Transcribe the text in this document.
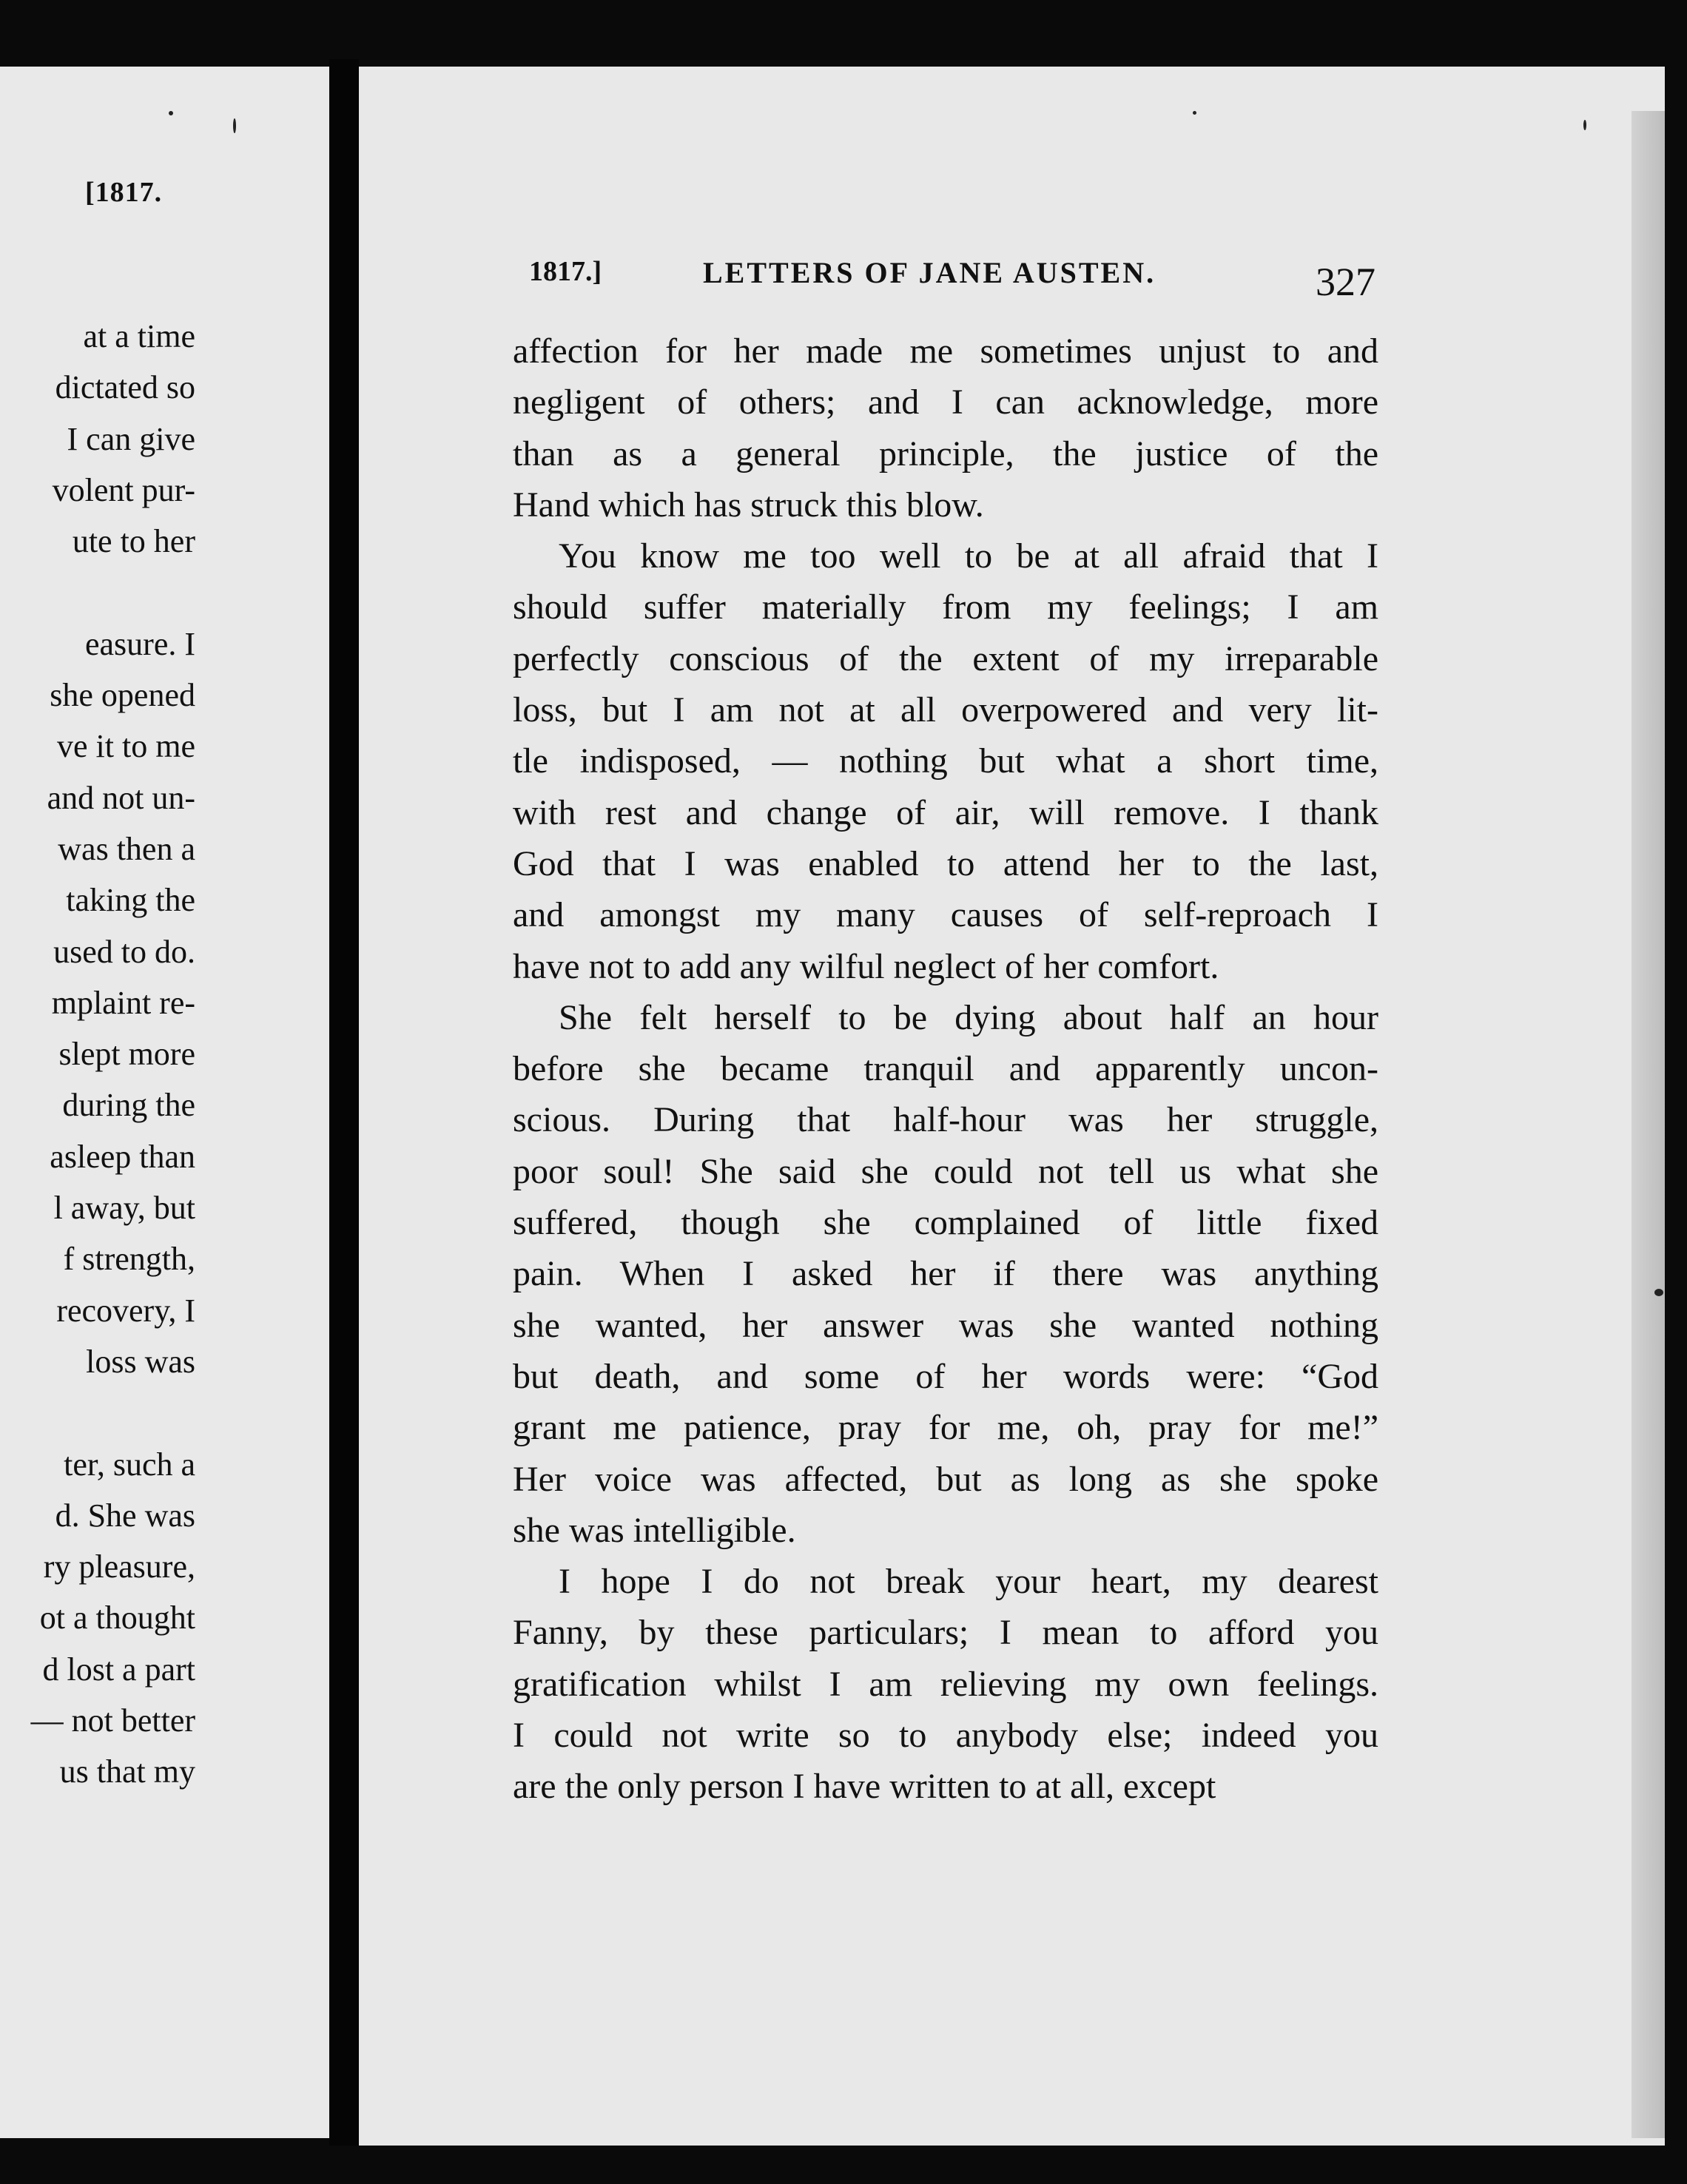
[1817.
at a time
dictated so
I can give
volent pur-
ute to her
easure. I
she opened
ve it to me
and not un-
was then a
taking the
used to do.
mplaint re-
slept more
during the
asleep than
l away, but
f strength,
recovery, I
loss was
ter, such a
d. She was
ry pleasure,
ot a thought
d lost a part
— not better
us that my
1817.]	LETTERS OF JANE AUSTEN.	327
affection for her made me sometimes unjust to and
negligent of others; and I can acknowledge, more
than as a general principle, the justice of the
Hand which has struck this blow.
You know me too well to be at all afraid that I
should suffer materially from my feelings; I am
perfectly conscious of the extent of my irreparable
loss, but I am not at all overpowered and very lit-
tle indisposed, — nothing but what a short time,
with rest and change of air, will remove. I thank
God that I was enabled to attend her to the last,
and amongst my many causes of self-reproach I
have not to add any wilful neglect of her comfort.
She felt herself to be dying about half an hour
before she became tranquil and apparently uncon-
scious. During that half-hour was her struggle,
poor soul! She said she could not tell us what she
suffered, though she complained of little fixed
pain. When I asked her if there was anything
she wanted, her answer was she wanted nothing
but death, and some of her words were: “God
grant me patience, pray for me, oh, pray for me!”
Her voice was affected, but as long as she spoke
she was intelligible.
I hope I do not break your heart, my dearest
Fanny, by these particulars; I mean to afford you
gratification whilst I am relieving my own feelings.
I could not write so to anybody else; indeed you
are the only person I have written to at all, except
